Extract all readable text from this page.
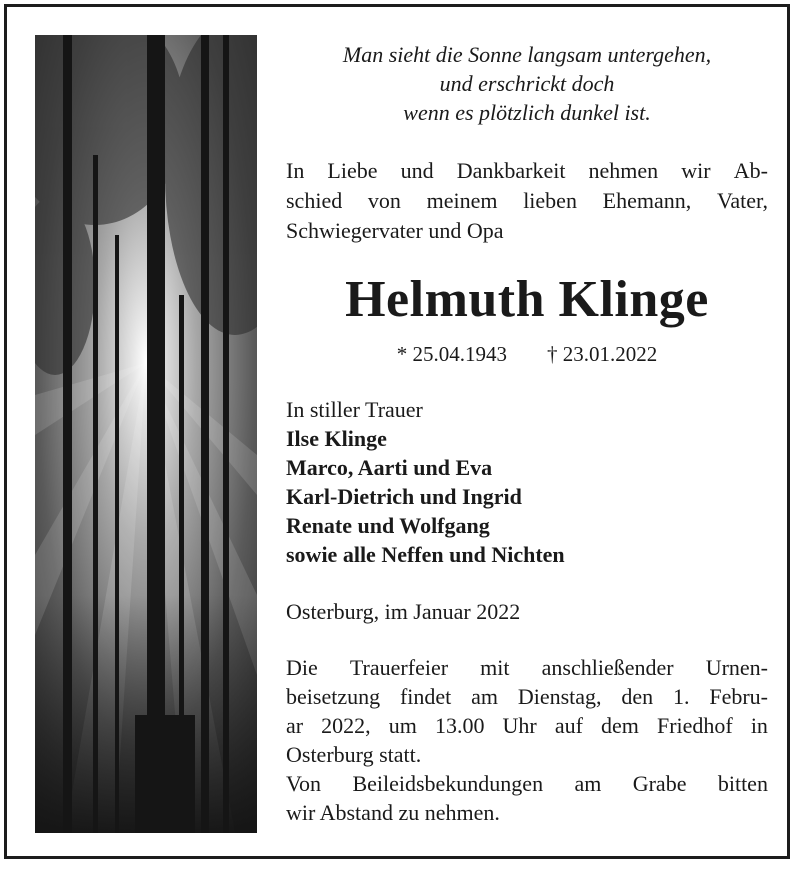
Man sieht die Sonne langsam untergehen,
und erschrickt doch
wenn es plötzlich dunkel ist.
In Liebe und Dankbarkeit nehmen wir Ab-
schied von meinem lieben Ehemann, Vater,
Schwiegervater und Opa
Helmuth Klinge
* 25.04.1943 † 23.01.2022
In stiller Trauer
Ilse Klinge
Marco, Aarti und Eva
Karl-Dietrich und Ingrid
Renate und Wolfgang
sowie alle Neffen und Nichten
Osterburg, im Januar 2022
Die Trauerfeier mit anschließender Urnen-
beisetzung findet am Dienstag, den 1. Febru-
ar 2022, um 13.00 Uhr auf dem Friedhof in
Osterburg statt.
Von Beileidsbekundungen am Grabe bitten
wir Abstand zu nehmen.
